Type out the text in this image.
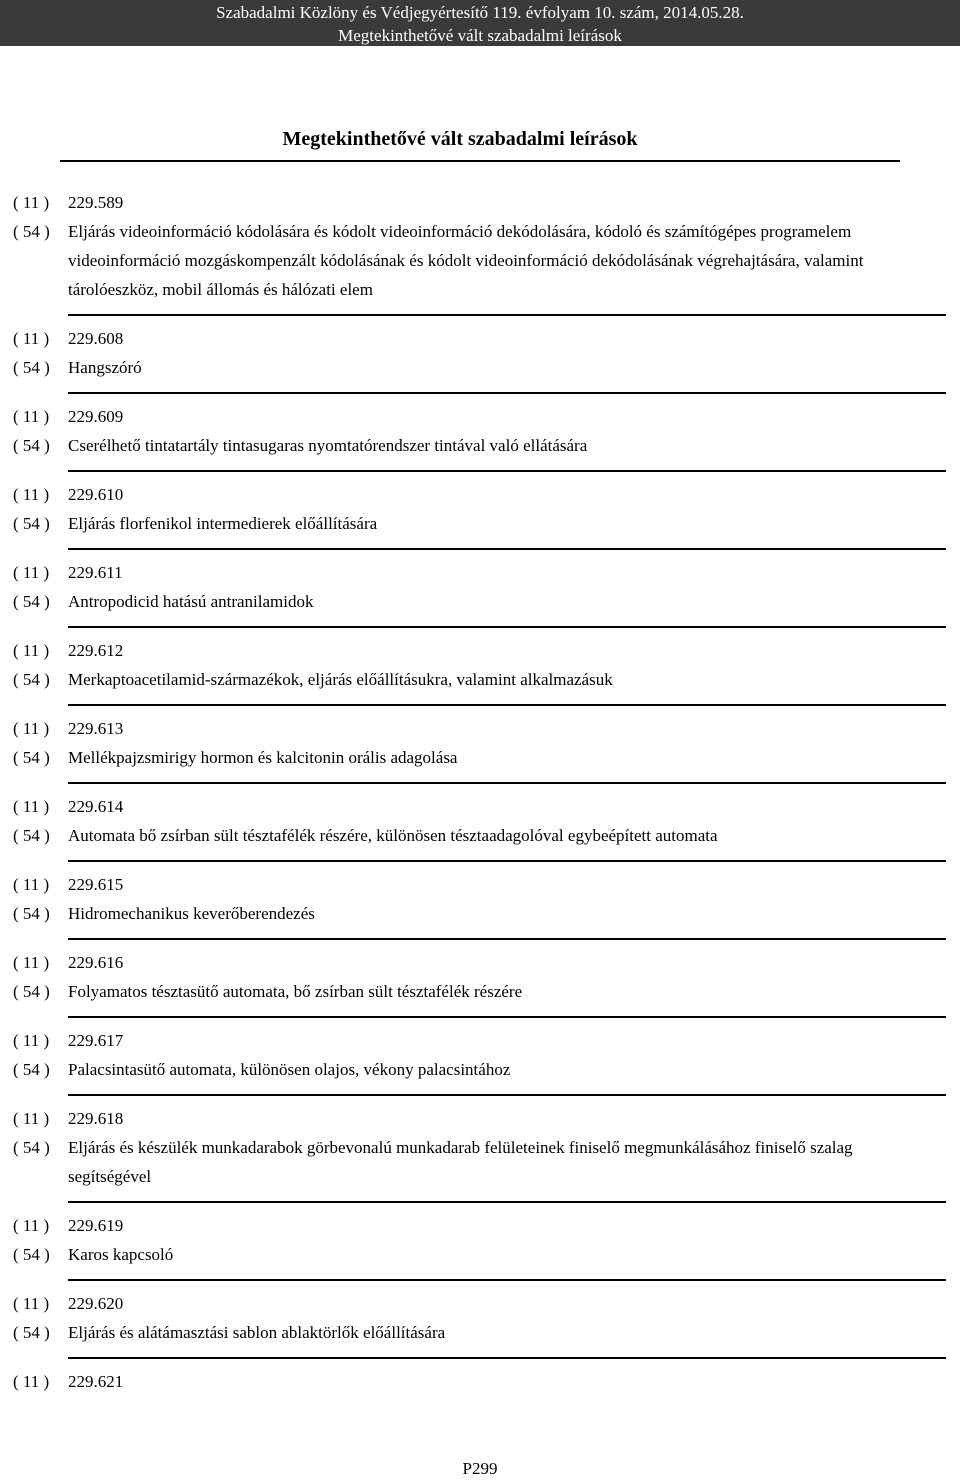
Szabadalmi Közlöny és Védjegyértesítő 119. évfolyam 10. szám, 2014.05.28.
Megtekinthetővé vált szabadalmi leírások
Megtekinthetővé vált szabadalmi leírások
( 11 )	229.589
( 54 )	Eljárás videoinformáció kódolására és kódolt videoinformáció dekódolására, kódoló és számítógépes programelem videoinformáció mozgáskompenzált kódolásának és kódolt videoinformáció dekódolásának végrehajtására, valamint tárolóeszköz, mobil állomás és hálózati elem
( 11 )	229.608
( 54 )	Hangszóró
( 11 )	229.609
( 54 )	Cserélhető tintatartály tintasugaras nyomtatórendszer tintával való ellátására
( 11 )	229.610
( 54 )	Eljárás florfenikol intermedierek előállítására
( 11 )	229.611
( 54 )	Antropodicid hatású antranilamidok
( 11 )	229.612
( 54 )	Merkaptoacetilamid-származékok, eljárás előállításukra, valamint alkalmazásuk
( 11 )	229.613
( 54 )	Mellékpajzsmirigy hormon és kalcitonin orális adagolása
( 11 )	229.614
( 54 )	Automata bő zsírban sült tésztafélék részére, különösen tésztaadagolóval egybeépített automata
( 11 )	229.615
( 54 )	Hidromechanikus keverőberendezés
( 11 )	229.616
( 54 )	Folyamatos tésztasütő automata, bő zsírban sült tésztafélék részére
( 11 )	229.617
( 54 )	Palacsintasütő automata, különösen olajos, vékony palacsintához
( 11 )	229.618
( 54 )	Eljárás és készülék munkadarabok görbevonalú munkadarab felületeinek finiselő megmunkálásához finiselő szalag segítségével
( 11 )	229.619
( 54 )	Karos kapcsoló
( 11 )	229.620
( 54 )	Eljárás és alátámasztási sablon ablaktörlők előállítására
( 11 )	229.621
P299
